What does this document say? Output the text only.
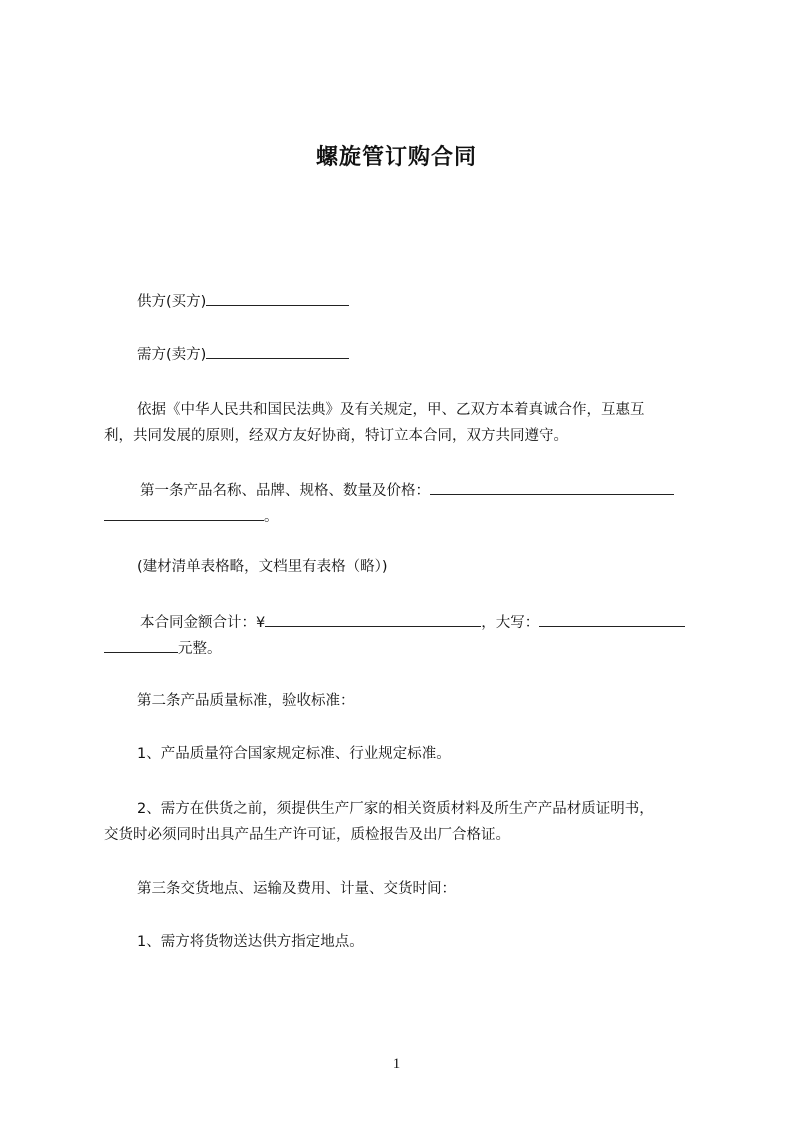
螺旋管订购合同
供方(买方)
需方(卖方)
依据《中华人民共和国民法典》及有关规定，甲、乙双方本着真诚合作，互惠互
利，共同发展的原则，经双方友好协商，特订立本合同，双方共同遵守。
第一条产品名称、品牌、规格、数量及价格：
。
(建材清单表格略，文档里有表格（略）)
本合同金额合计：¥	，大写：
元整。
第二条产品质量标准，验收标准：
1、产品质量符合国家规定标准、行业规定标准。
2、需方在供货之前，须提供生产厂家的相关资质材料及所生产产品材质证明书，
交货时必须同时出具产品生产许可证，质检报告及出厂合格证。
第三条交货地点、运输及费用、计量、交货时间：
1、需方将货物送达供方指定地点。
1
